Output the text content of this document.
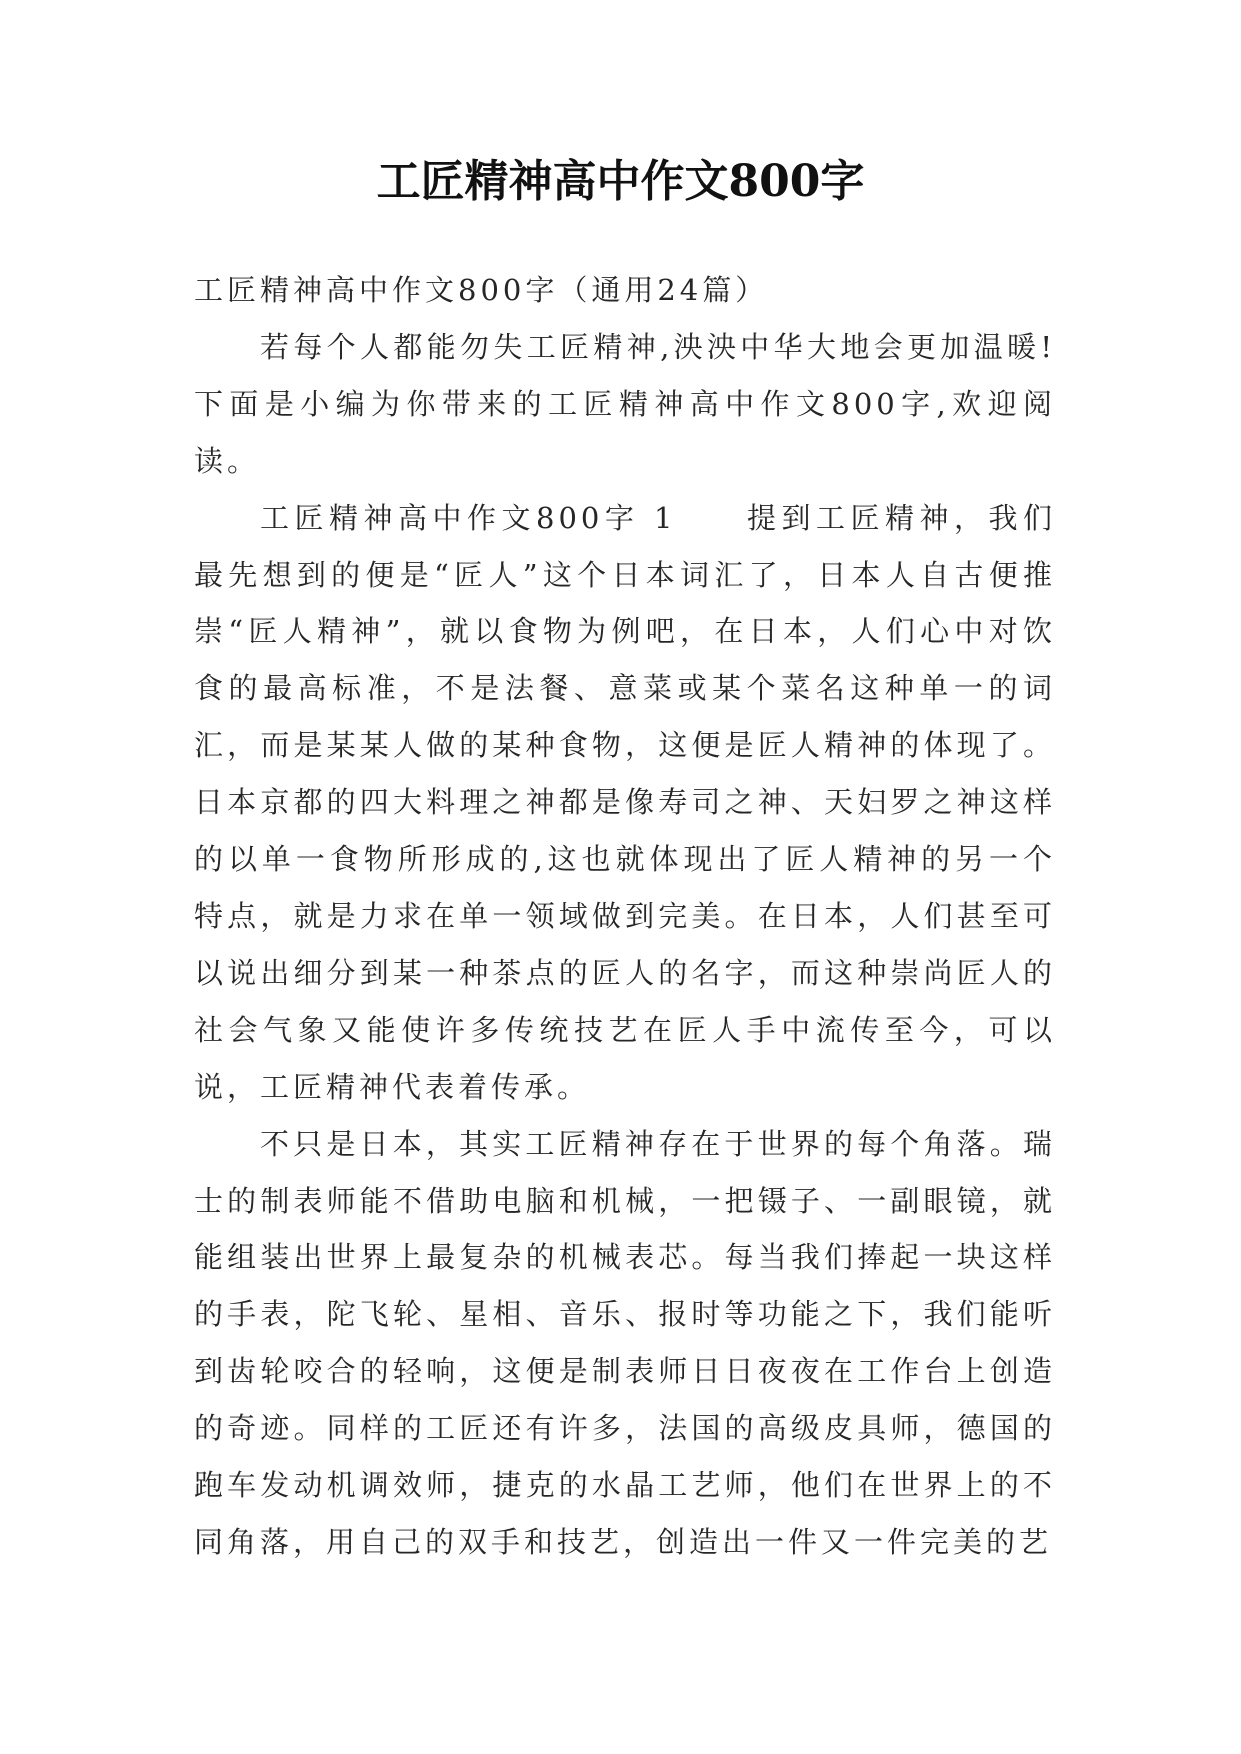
工匠精神高中作文800字

工匠精神高中作文800字（通用24篇）

若每个人都能勿失工匠精神,泱泱中华大地会更加温暖!下面是小编为你带来的工匠精神高中作文800字,欢迎阅读。

工匠精神高中作文800字 1　　提到工匠精神，我们最先想到的便是“匠人”这个日本词汇了，日本人自古便推崇“匠人精神”，就以食物为例吧，在日本，人们心中对饮食的最高标准，不是法餐、意菜或某个菜名这种单一的词汇，而是某某人做的某种食物，这便是匠人精神的体现了。日本京都的四大料理之神都是像寿司之神、天妇罗之神这样的以单一食物所形成的,这也就体现出了匠人精神的另一个特点，就是力求在单一领域做到完美。在日本，人们甚至可以说出细分到某一种茶点的匠人的名字，而这种崇尚匠人的社会气象又能使许多传统技艺在匠人手中流传至今，可以说，工匠精神代表着传承。

不只是日本，其实工匠精神存在于世界的每个角落。瑞士的制表师能不借助电脑和机械，一把镊子、一副眼镜，就能组装出世界上最复杂的机械表芯。每当我们捧起一块这样的手表，陀飞轮、星相、音乐、报时等功能之下，我们能听到齿轮咬合的轻响，这便是制表师日日夜夜在工作台上创造的奇迹。同样的工匠还有许多，法国的高级皮具师，德国的跑车发动机调效师，捷克的水晶工艺师，他们在世界上的不同角落，用自己的双手和技艺，创造出一件又一件完美的艺
